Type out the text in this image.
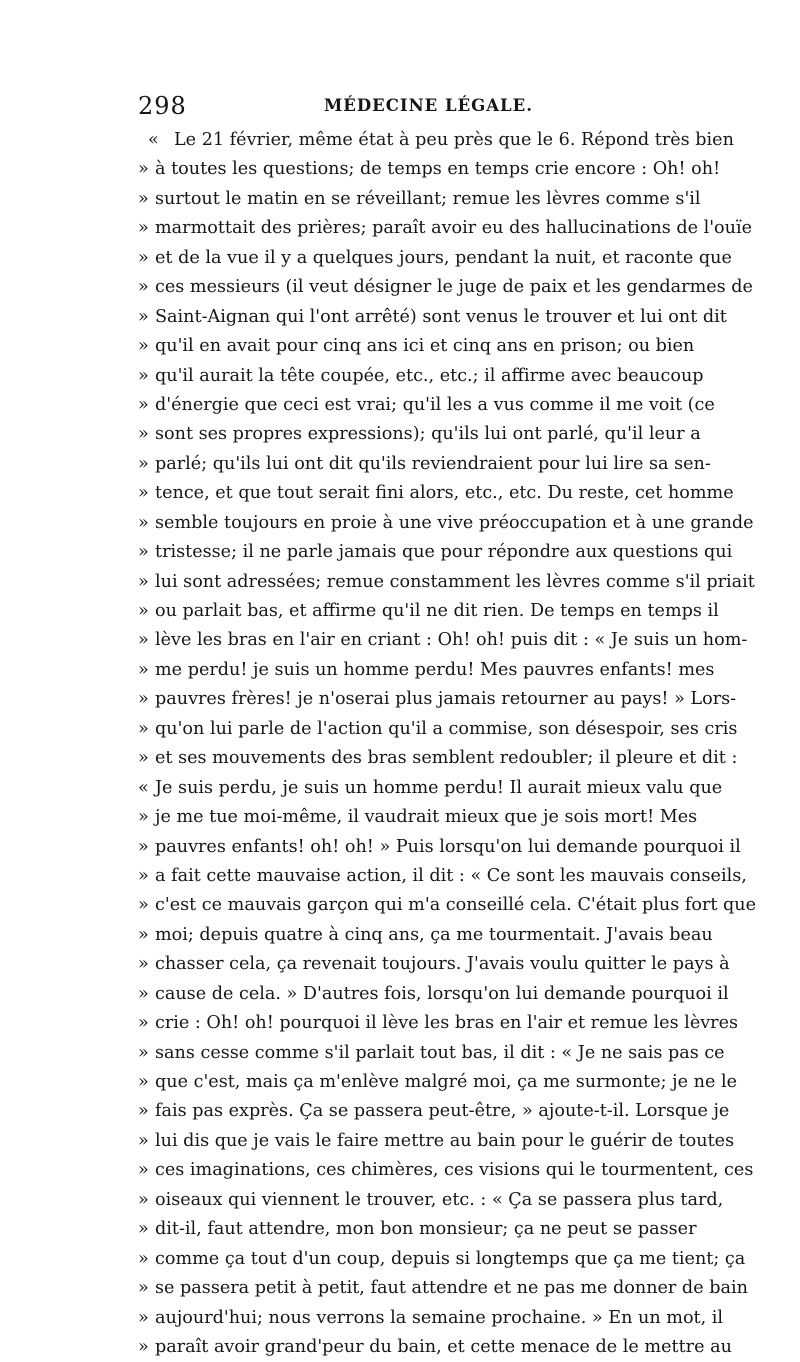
298	MÉDECINE LÉGALE.
« Le 21 février, même état à peu près que le 6. Répond très bien
» à toutes les questions; de temps en temps crie encore : Oh! oh!
» surtout le matin en se réveillant; remue les lèvres comme s'il
» marmottait des prières; paraît avoir eu des hallucinations de l'ouïe
» et de la vue il y a quelques jours, pendant la nuit, et raconte que
» ces messieurs (il veut désigner le juge de paix et les gendarmes de
» Saint-Aignan qui l'ont arrêté) sont venus le trouver et lui ont dit
» qu'il en avait pour cinq ans ici et cinq ans en prison; ou bien
» qu'il aurait la tête coupée, etc., etc.; il affirme avec beaucoup
» d'énergie que ceci est vrai; qu'il les a vus comme il me voit (ce
» sont ses propres expressions); qu'ils lui ont parlé, qu'il leur a
» parlé; qu'ils lui ont dit qu'ils reviendraient pour lui lire sa sen-
» tence, et que tout serait fini alors, etc., etc. Du reste, cet homme
» semble toujours en proie à une vive préoccupation et à une grande
» tristesse; il ne parle jamais que pour répondre aux questions qui
» lui sont adressées; remue constamment les lèvres comme s'il priait
» ou parlait bas, et affirme qu'il ne dit rien. De temps en temps il
» lève les bras en l'air en criant : Oh! oh! puis dit : « Je suis un hom-
» me perdu! je suis un homme perdu! Mes pauvres enfants! mes
» pauvres frères! je n'oserai plus jamais retourner au pays! » Lors-
» qu'on lui parle de l'action qu'il a commise, son désespoir, ses cris
» et ses mouvements des bras semblent redoubler; il pleure et dit :
« Je suis perdu, je suis un homme perdu! Il aurait mieux valu que
» je me tue moi-même, il vaudrait mieux que je sois mort! Mes
» pauvres enfants! oh! oh! » Puis lorsqu'on lui demande pourquoi il
» a fait cette mauvaise action, il dit : « Ce sont les mauvais conseils,
» c'est ce mauvais garçon qui m'a conseillé cela. C'était plus fort que
» moi; depuis quatre à cinq ans, ça me tourmentait. J'avais beau
» chasser cela, ça revenait toujours. J'avais voulu quitter le pays à
» cause de cela. » D'autres fois, lorsqu'on lui demande pourquoi il
» crie : Oh! oh! pourquoi il lève les bras en l'air et remue les lèvres
» sans cesse comme s'il parlait tout bas, il dit : « Je ne sais pas ce
» que c'est, mais ça m'enlève malgré moi, ça me surmonte; je ne le
» fais pas exprès. Ça se passera peut-être, » ajoute-t-il. Lorsque je
» lui dis que je vais le faire mettre au bain pour le guérir de toutes
» ces imaginations, ces chimères, ces visions qui le tourmentent, ces
» oiseaux qui viennent le trouver, etc. : « Ça se passera plus tard,
» dit-il, faut attendre, mon bon monsieur; ça ne peut se passer
» comme ça tout d'un coup, depuis si longtemps que ça me tient; ça
» se passera petit à petit, faut attendre et ne pas me donner de bain
» aujourd'hui; nous verrons la semaine prochaine. » En un mot, il
» paraît avoir grand'peur du bain, et cette menace de le mettre au
